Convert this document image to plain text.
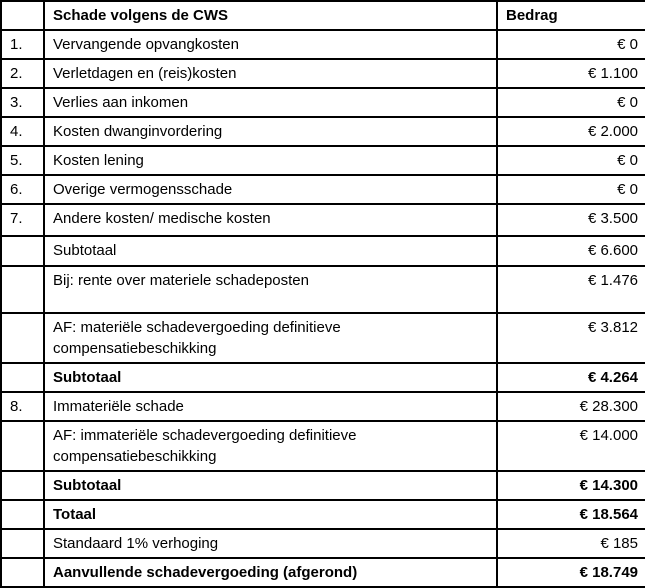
	Schade volgens de CWS	Bedrag
1.	Vervangende opvangkosten	€ 0
2.	Verletdagen en (reis)kosten	€ 1.100
3.	Verlies aan inkomen	€ 0
4.	Kosten dwanginvordering	€ 2.000
5.	Kosten lening	€ 0
6.	Overige vermogensschade	€ 0
7.	Andere kosten/ medische kosten	€ 3.500
	Subtotaal	€ 6.600
	Bij: rente over materiele schadeposten	€ 1.476
	AF: materiële schadevergoeding definitieve compensatiebeschikking	€ 3.812
	Subtotaal	€ 4.264
8.	Immateriële schade	€ 28.300
	AF: immateriële schadevergoeding definitieve compensatiebeschikking	€ 14.000
	Subtotaal	€ 14.300
	Totaal	€ 18.564
	Standaard 1% verhoging	€ 185
	Aanvullende schadevergoeding (afgerond)	€ 18.749
